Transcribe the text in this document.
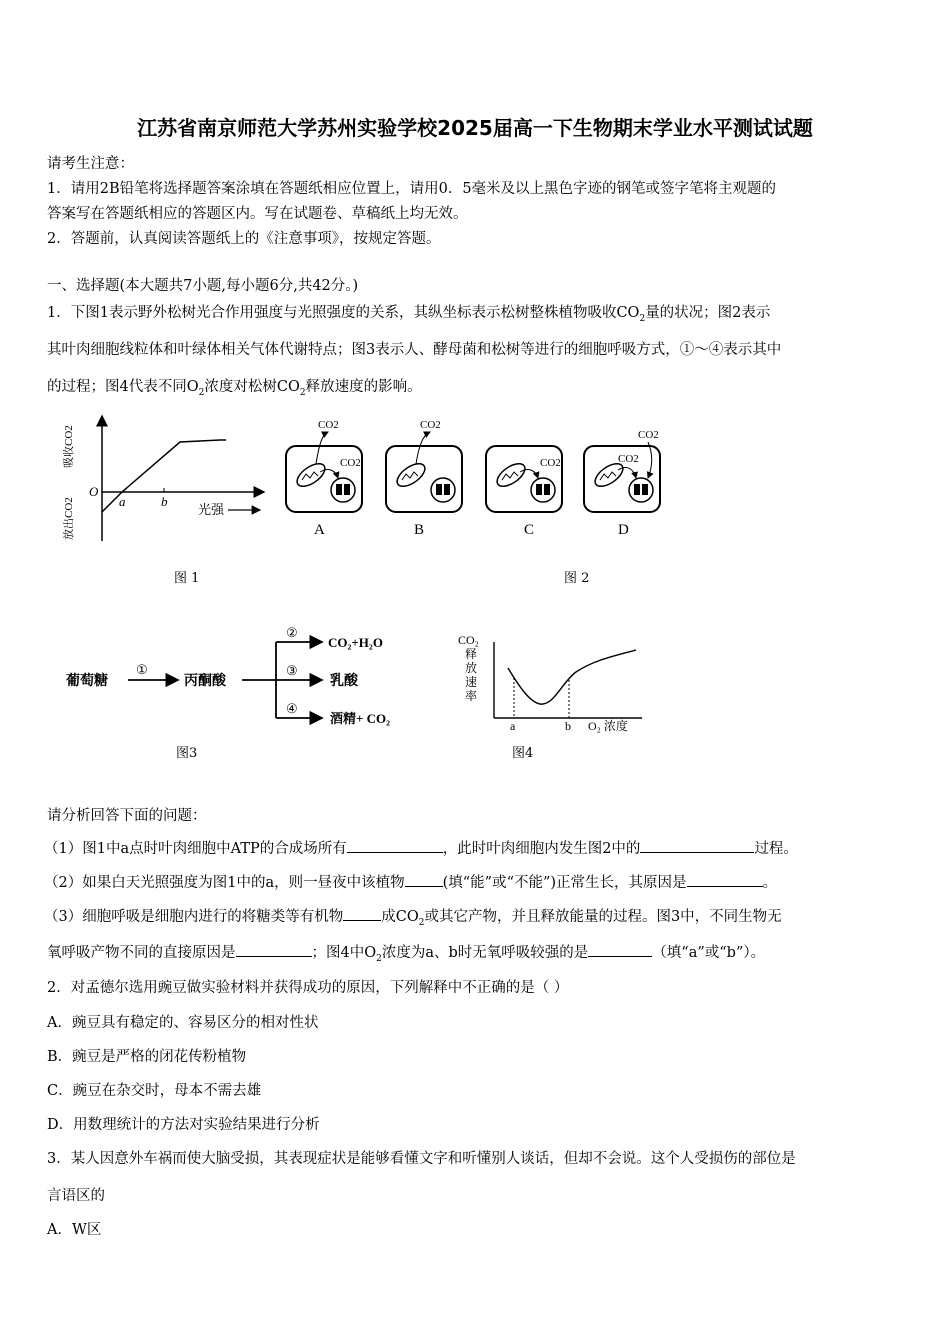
江苏省南京师范大学苏州实验学校2025届高一下生物期末学业水平测试试题
请考生注意：
1．请用2B铅笔将选择题答案涂填在答题纸相应位置上，请用0．5毫米及以上黑色字迹的钢笔或签字笔将主观题的
答案写在答题纸相应的答题区内。写在试题卷、草稿纸上均无效。
2．答题前，认真阅读答题纸上的《注意事项》，按规定答题。
一、选择题(本大题共7小题,每小题6分,共42分。)
1．下图1表示野外松树光合作用强度与光照强度的关系，其纵坐标表示松树整株植物吸收$CO_2$量的状况；图2表示
其叶肉细胞线粒体和叶绿体相关气体代谢特点；图3表示人、酵母菌和松树等进行的细胞呼吸方式，①～④表示其中
的过程；图4代表不同$O_2$浓度对松树$CO_2$释放速度的影响。
吸收CO2
放出CO2
O
a	b
光强
CO2
CO2
A
CO2
B
CO2
C
CO2
CO2
D
图 1	图 2
葡萄糖
①
丙酮酸
②
③
④
CO₂+H₂O
乳酸
酒精+ CO₂
CO₂
释
放
速
率
a	b O₂ 浓度
图3	图4
请分析回答下面的问题：
（1）图1中a点时叶肉细胞中ATP的合成场所有	，此时叶肉细胞内发生图2中的	过程。
（2）如果白天光照强度为图1中的a，则一昼夜中该植物	(填“能”或“不能”)正常生长，其原因是	。
（3）细胞呼吸是细胞内进行的将糖类等有机物	成$CO_2$或其它产物，并且释放能量的过程。图3中，不同生物无
氧呼吸产物不同的直接原因是	；图4中$O_2$浓度为a、b时无氧呼吸较强的是	（填“a”或“b”）。
2．对孟德尔选用豌豆做实验材料并获得成功的原因，下列解释中不正确的是（ ）
A．豌豆具有稳定的、容易区分的相对性状
B．豌豆是严格的闭花传粉植物
C．豌豆在杂交时，母本不需去雄
D．用数理统计的方法对实验结果进行分析
3．某人因意外车祸而使大脑受损，其表现症状是能够看懂文字和听懂别人谈话，但却不会说。这个人受损伤的部位是
言语区的
A．W区
